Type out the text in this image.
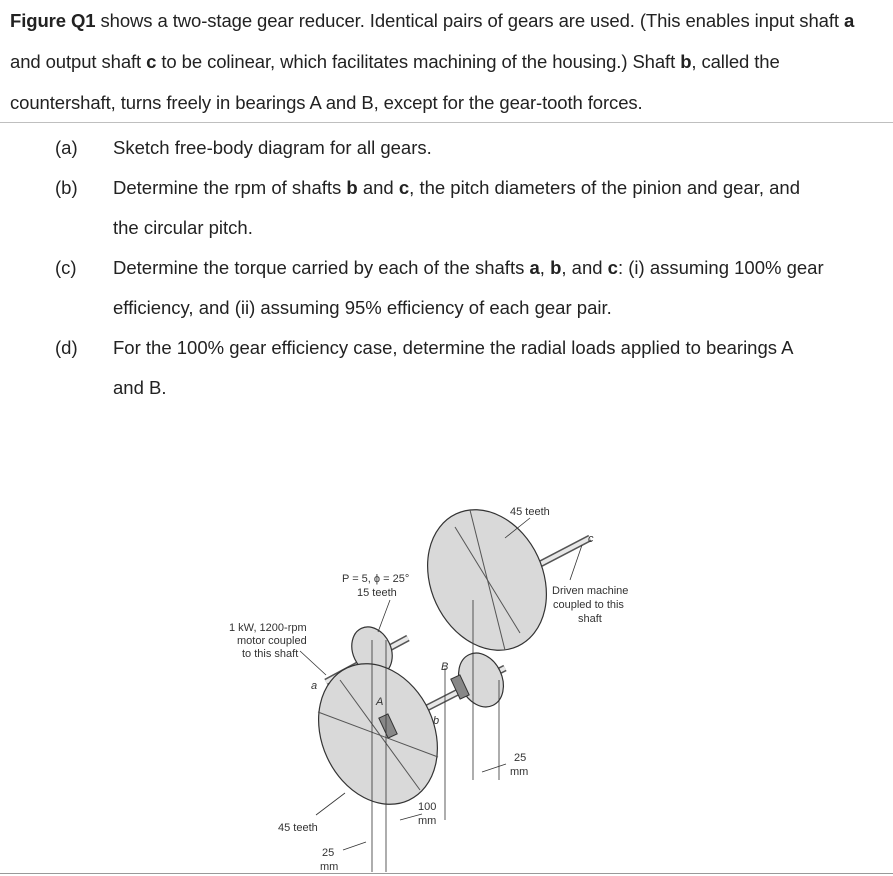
Figure Q1 shows a two-stage gear reducer. Identical pairs of gears are used. (This enables input shaft a and output shaft c to be colinear, which facilitates machining of the housing.) Shaft b, called the countershaft, turns freely in bearings A and B, except for the gear-tooth forces.
(a)	Sketch free-body diagram for all gears.
(b)	Determine the rpm of shafts b and c, the pitch diameters of the pinion and gear, and
the circular pitch.
(c)	Determine the torque carried by each of the shafts a, b, and c: (i) assuming 100% gear
efficiency, and (ii) assuming 95% efficiency of each gear pair.
(d)	For the 100% gear efficiency case, determine the radial loads applied to bearings A
and B.
45 teeth
P = 5, ϕ = 25°
15 teeth	Driven machine
coupled to this
shaft
1 kW, 1200-rpm
motor coupled
to this shaft
a
A
B
b
c
25
mm
100
mm
45 teeth
25
mm
